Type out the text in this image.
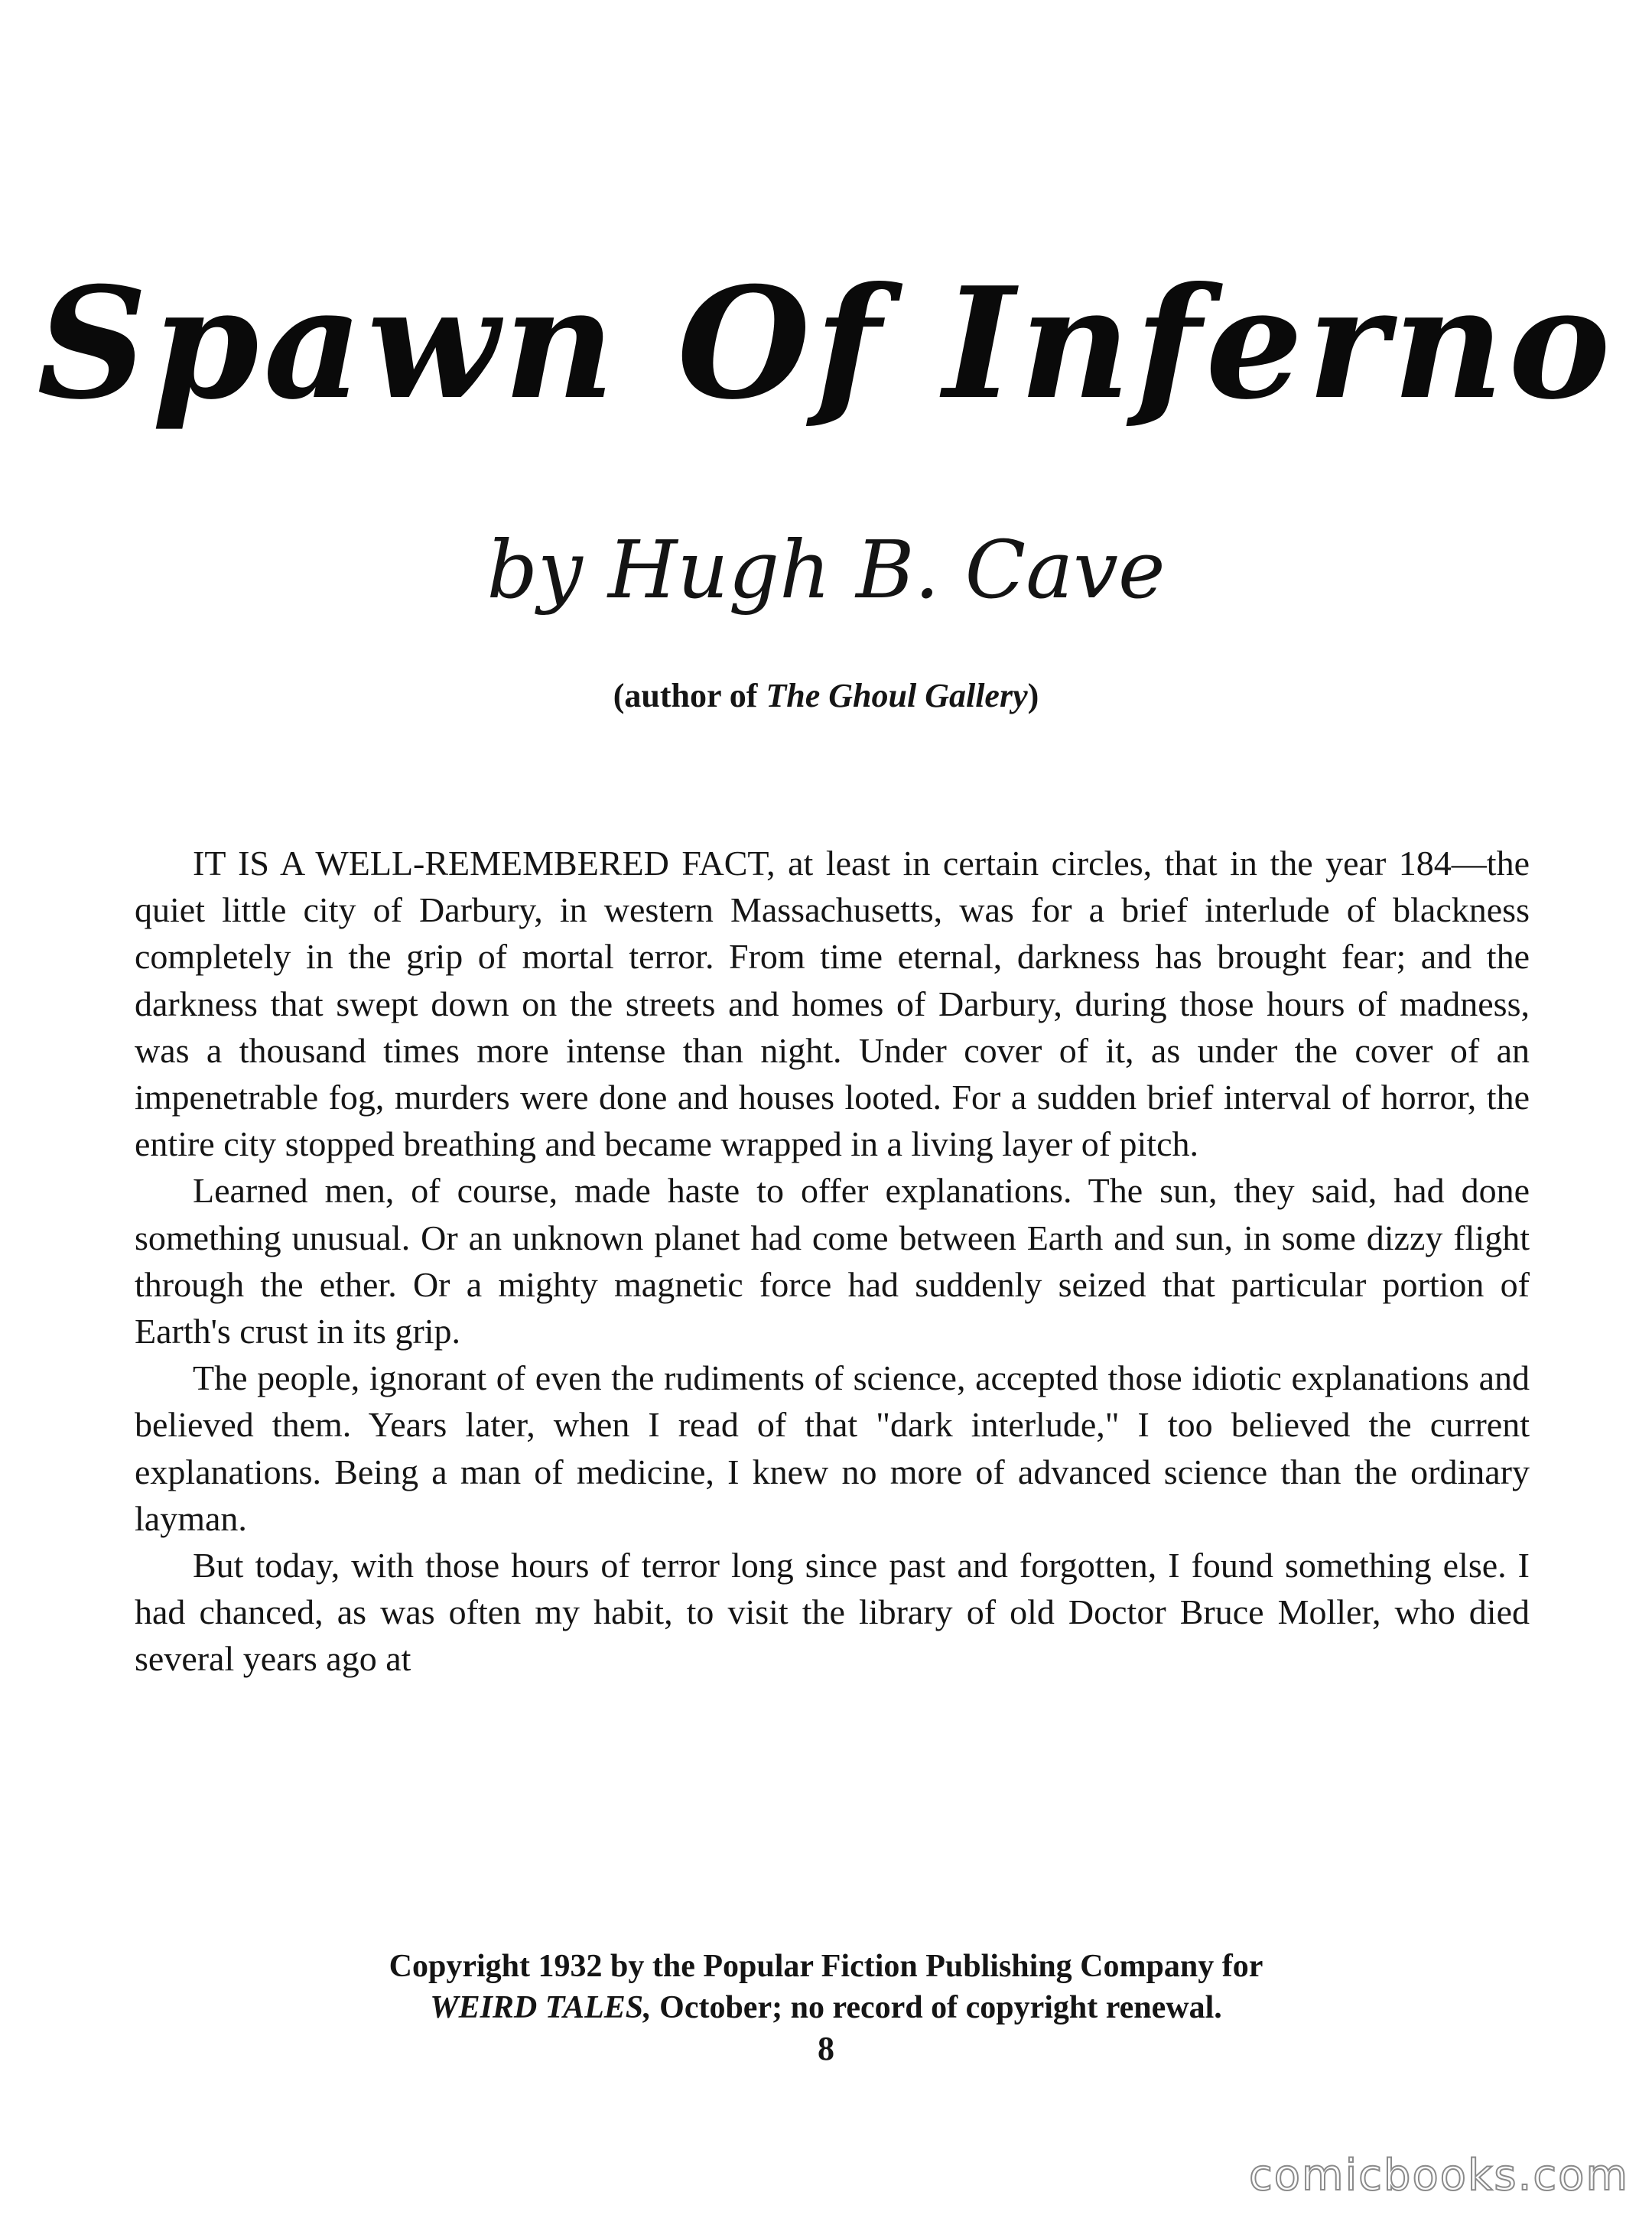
Spawn Of Inferno
by Hugh B. Cave
(author of The Ghoul Gallery)

IT IS A WELL-REMEMBERED FACT, at least in certain circles, that in the year 184—the quiet little city of Darbury, in western Massachusetts, was for a brief interlude of blackness completely in the grip of mortal terror. From time eternal, darkness has brought fear; and the darkness that swept down on the streets and homes of Darbury, during those hours of madness, was a thousand times more intense than night. Under cover of it, as under the cover of an impenetrable fog, murders were done and houses looted. For a sudden brief interval of horror, the entire city stopped breathing and became wrapped in a living layer of pitch.

Learned men, of course, made haste to offer explanations. The sun, they said, had done something unusual. Or an unknown planet had come between Earth and sun, in some dizzy flight through the ether. Or a mighty magnetic force had suddenly seized that particular portion of Earth's crust in its grip.

The people, ignorant of even the rudiments of science, accepted those idiotic explanations and believed them. Years later, when I read of that "dark interlude," I too believed the current explanations. Being a man of medicine, I knew no more of advanced science than the ordinary layman.

But today, with those hours of terror long since past and forgotten, I found something else. I had chanced, as was often my habit, to visit the library of old Doctor Bruce Moller, who died several years ago at

Copyright 1932 by the Popular Fiction Publishing Company for
WEIRD TALES, October; no record of copyright renewal.
8
comicbooks.com
